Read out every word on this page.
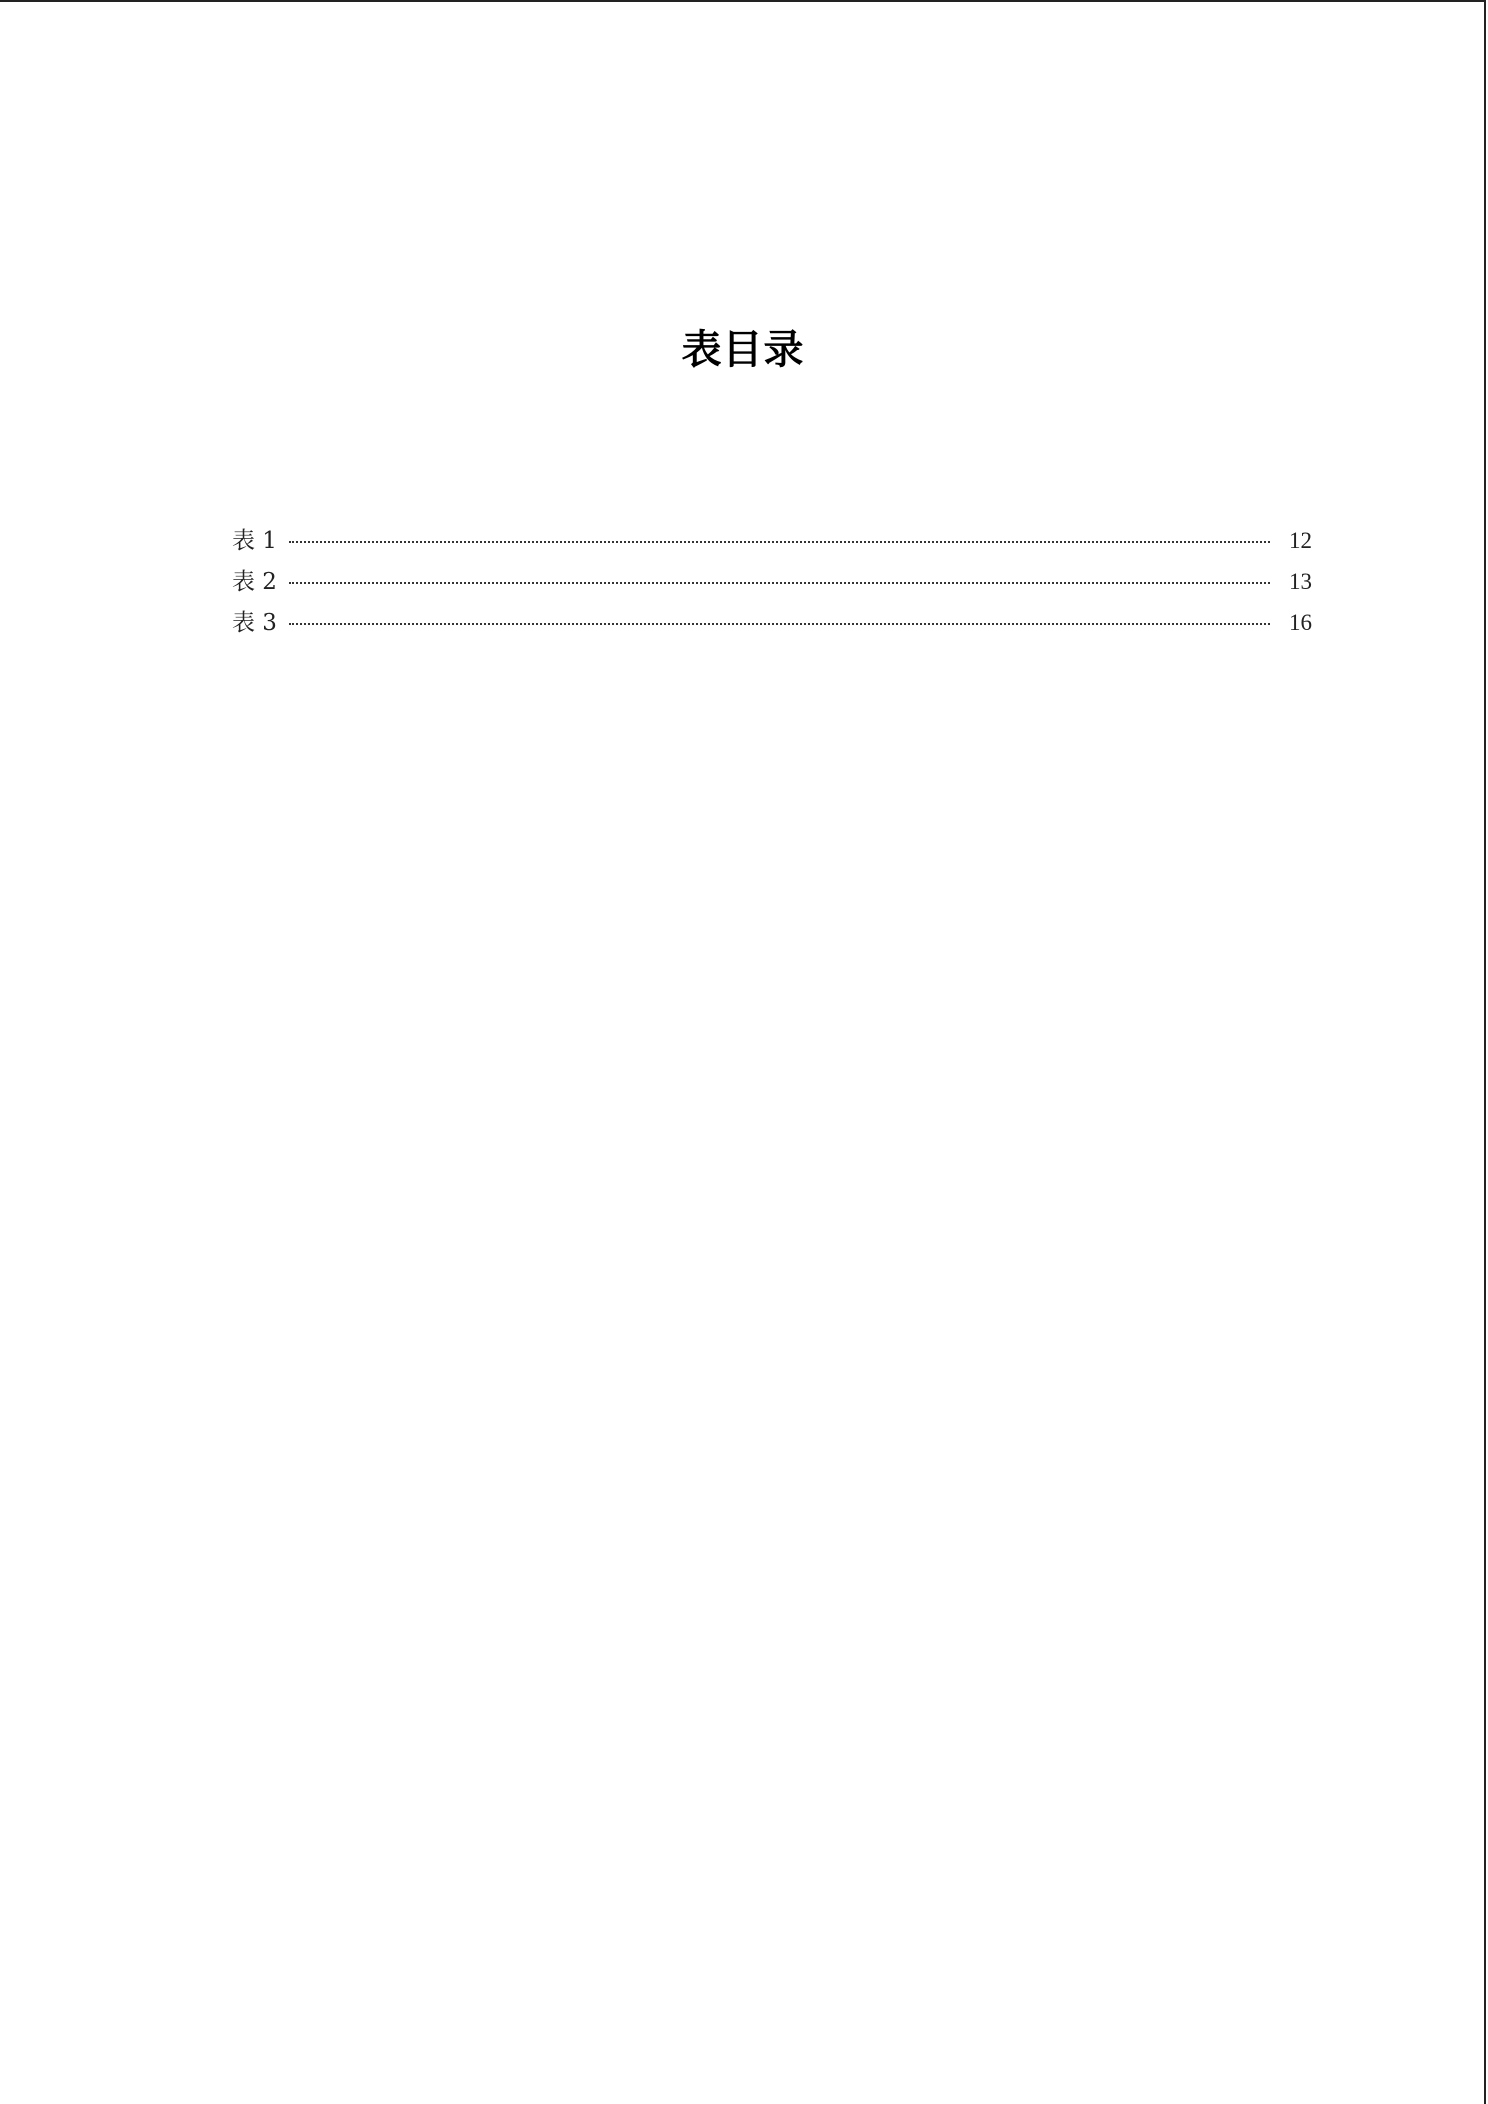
表目录
表 1	12
表 2	13
表 3	16
